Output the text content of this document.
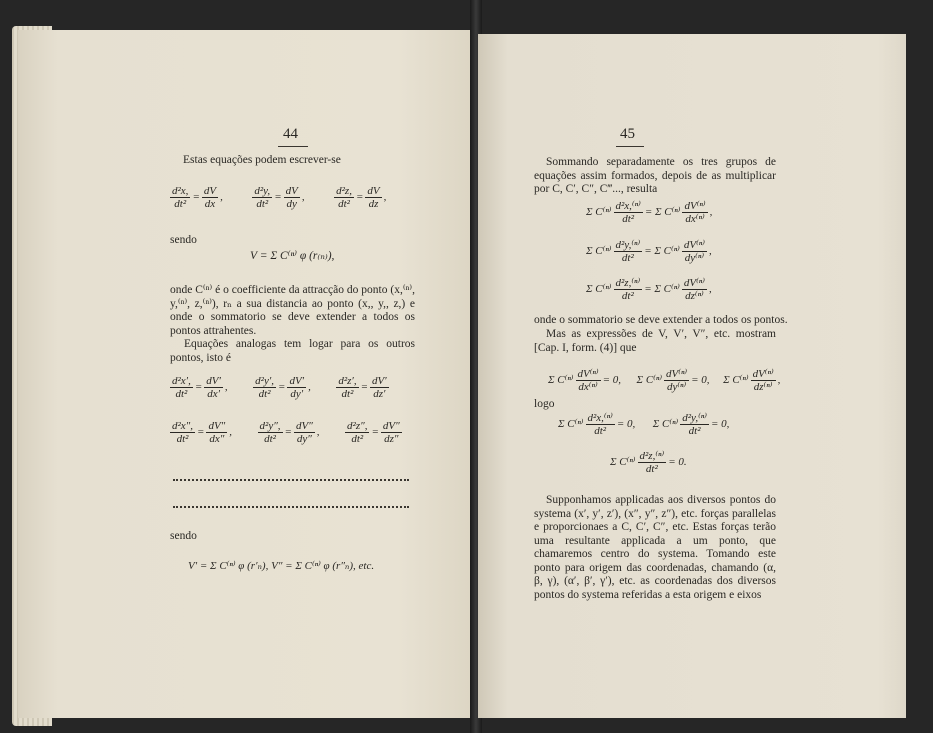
44
Estas equações podem escrever-se
$\frac{\text{d²x,}}{\text{dt²}} = \frac{dV}{dx}$ , $\frac{\text{d²y,}}{\text{dt²}} = \frac{dV}{dy}$ , $\frac{\text{d²z,}}{\text{dt²}} = \frac{dV}{dz}$ ,
sendo
V = Σ C⁽ⁿ⁾ φ (r₍ₙ₎),
onde C⁽ⁿ⁾ é o coefficiente da attracção do ponto (x,⁽ⁿ⁾, y,⁽ⁿ⁾, z,⁽ⁿ⁾), rₙ a sua distancia ao ponto (x,, y,, z,) e onde o sommatorio se deve extender a todos os pontos attrahentes.
Equações analogas tem logar para os outros pontos, isto é
$\frac{\text{d²x′,}}{\text{dt²}} = \frac{dV'}{dx'}$ , $\frac{\text{d²y′,}}{\text{dt²}} = \frac{dV'}{dy'}$ , $\frac{\text{d²z′,}}{\text{dt²}} = \frac{dV'}{dz'}$
$\frac{\text{d²x″,}}{\text{dt²}} = \frac{dV''}{dx''}$ , $\frac{\text{d²y″,}}{\text{dt²}} = \frac{dV''}{dy''}$ , $\frac{\text{d²z″,}}{\text{dt²}} = \frac{dV''}{dz''}$
sendo
V′ = Σ C⁽ⁿ⁾ φ (r′ₙ), V″ = Σ C⁽ⁿ⁾ φ (r″ₙ), etc.
45
Sommando separadamente os tres grupos de equações assim formados, depois de as multiplicar por C, C′, C″, C‴..., resulta
Σ $C^{(n)} \frac{\text{d²x,⁽ⁿ⁾}}{\text{dt²}} = \Sigma$ $C^{(n)} \frac{\text{dV⁽ⁿ⁾}}{\text{dx⁽ⁿ⁾}}$ ,
Σ $C^{(n)} \frac{\text{d²y,⁽ⁿ⁾}}{\text{dt²}} = \Sigma$ $C^{(n)} \frac{\text{dV⁽ⁿ⁾}}{\text{dy⁽ⁿ⁾}}$ ,
Σ $C^{(n)} \frac{\text{d²z,⁽ⁿ⁾}}{\text{dt²}} = \Sigma$ $C^{(n)} \frac{\text{dV⁽ⁿ⁾}}{\text{dz⁽ⁿ⁾}}$ ,
onde o sommatorio se deve extender a todos os pontos.
Mas as expressões de V, V′, V″, etc. mostram [Cap. I, form. (4)] que
Σ $C^{(n)} \frac{\text{dV⁽ⁿ⁾}}{\text{dx⁽ⁿ⁾}} = 0$, Σ $C^{(n)} \frac{\text{dV⁽ⁿ⁾}}{\text{dy⁽ⁿ⁾}} = 0$, Σ $C^{(n)} \frac{\text{dV⁽ⁿ⁾}}{\text{dz⁽ⁿ⁾}}$ ,
logo
Σ $C^{(n)} \frac{\text{d²x,⁽ⁿ⁾}}{\text{dt²}} = 0$, Σ $C^{(n)} \frac{\text{d²y,⁽ⁿ⁾}}{\text{dt²}} = 0$,
Σ $C^{(n)} \frac{\text{d²z,⁽ⁿ⁾}}{\text{dt²}} = 0$.
Supponhamos applicadas aos diversos pontos do systema (x′, y′, z′), (x″, y″, z″), etc. forças parallelas e proporcionaes a C, C′, C″, etc. Estas forças terão uma resultante applicada a um ponto, que chamaremos centro do systema. Tomando este ponto para origem das coordenadas, chamando (α, β, γ), (α′, β′, γ′), etc. as coordenadas dos diversos pontos do systema referidas a esta origem e eixos
